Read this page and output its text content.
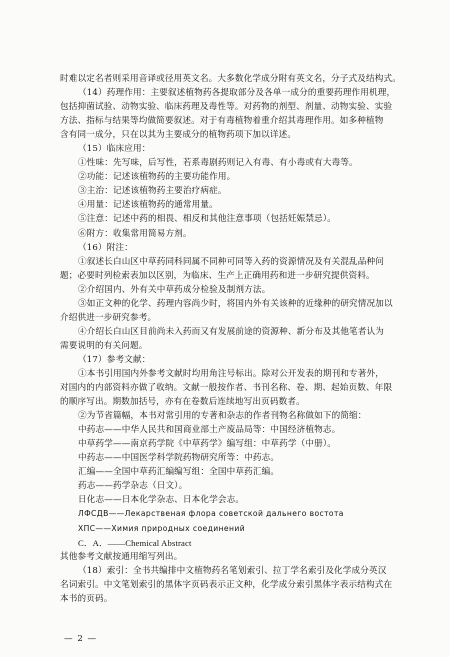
时难以定名者则采用音译或径用英文名。大多数化学成分附有英文名，分子式及结构式。

（14）药理作用：主要叙述植物药各提取部分及各单一成分的重要药理作用机理，

包括抑菌试验、动物实验、临床药理及毒性等。对药物的剂型、剂量、动物实验、实验

方法、指标与结果等均做简要叙述。对于有毒植物着重介绍其毒理作用。如多种植物

含有同一成分，只在以其为主要成分的植物药项下加以详述。

（15）临床应用：

①性味：先写味，后写性，若系毒剧药则记入有毒、有小毒或有大毒等。

②功能：记述该植物药的主要功能作用。

③主治：记述该植物药主要治疗病症。

④用量：记述该植物药的通常用量。

⑤注意：记述中药的相畏、相反和其他注意事项（包括妊娠禁忌）。

⑥附方：收集常用简易方剂。

（16）附注：

①叙述长白山区中草药同科同属不同种可同等入药的资源情况及有关混乱品种问

题；必要时列检索表加以区别，为临床、生产上正确用药和进一步研究提供资料。

②介绍国内、外有关中草药成分检验及制剂方法。

③如正文种的化学、药理内容尚少时，将国内外有关该种的近缘种的研究情况加以

介绍供进一步研究参考。

④介绍长白山区目前尚未入药而又有发展前途的资源种、新分布及其他笔者认为

需要说明的有关问题。

（17）参考文献：

①本书引用国内外参考文献时均用角注号标出。除对公开发表的期刊和专著外，

对国内的内部资料亦做了收纳。文献一般按作者、书刊名称、卷、期、起始页数、年限

的顺序写出。期数加括号，亦有在卷数后连续地写出页码数者。

②为节省篇幅，本书对常引用的专著和杂志的作者刊物名称做如下的简缩：

中药志——中华人民共和国商业部土产废品局等：中国经济植物志。

中草药学——南京药学院《中草药学》编写组：中草药学（中册）。

中药志——中国医学科学院药物研究所等：中药志。

汇编——全国中草药汇编编写组：全国中草药汇编。

药志——药学杂志（日文）。

日化志——日本化学杂志、日本化学会志。

ЛФСДВ——Лекарственая флора советской дальнего востота

ХПС——Химия природных соединений

C．A．——Chemical Abstract

其他参考文献按通用缩写列出。

（18）索引：全书共编排中文植物药名笔划索引、拉丁学名索引及化学成分英汉

名词索引。中文笔划索引的黑体字页码表示正文种，化学成分索引黑体字表示结构式在

本书的页码。

— 2 —
